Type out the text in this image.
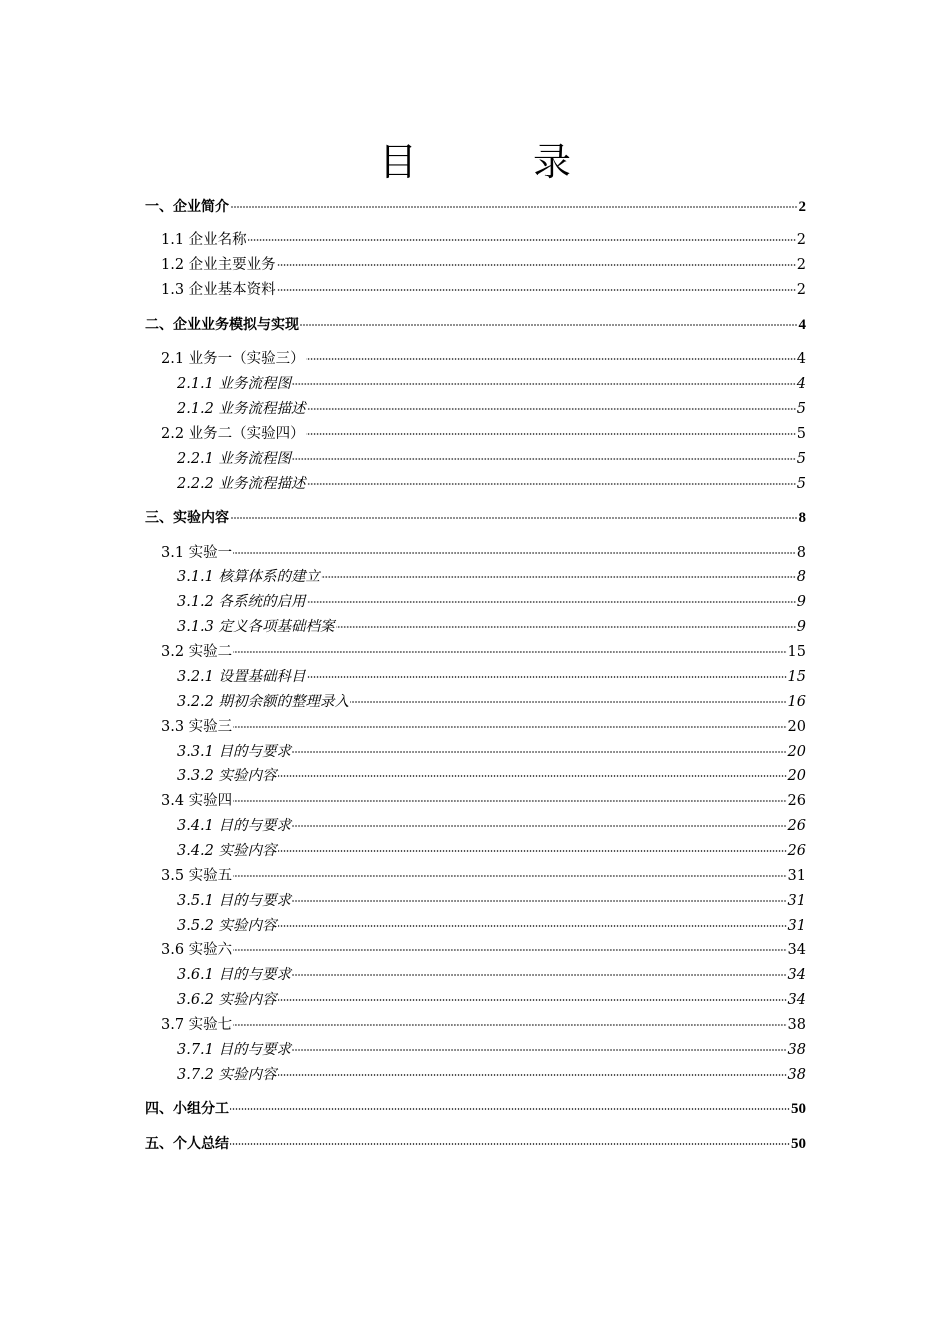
目 录
一、企业简介	2
1.1 企业名称	2
1.2 企业主要业务	2
1.3 企业基本资料	2
二、企业业务模拟与实现	4
2.1 业务一（实验三）	4
2.1.1 业务流程图	4
2.1.2 业务流程描述	5
2.2 业务二（实验四）	5
2.2.1 业务流程图	5
2.2.2 业务流程描述	5
三、实验内容	8
3.1 实验一	8
3.1.1 核算体系的建立	8
3.1.2 各系统的启用	9
3.1.3 定义各项基础档案	9
3.2 实验二	15
3.2.1 设置基础科目	15
3.2.2 期初余额的整理录入	16
3.3 实验三	20
3.3.1 目的与要求	20
3.3.2 实验内容	20
3.4 实验四	26
3.4.1 目的与要求	26
3.4.2 实验内容	26
3.5 实验五	31
3.5.1 目的与要求	31
3.5.2 实验内容	31
3.6 实验六	34
3.6.1 目的与要求	34
3.6.2 实验内容	34
3.7 实验七	38
3.7.1 目的与要求	38
3.7.2 实验内容	38
四、小组分工	50
五、个人总结	50
